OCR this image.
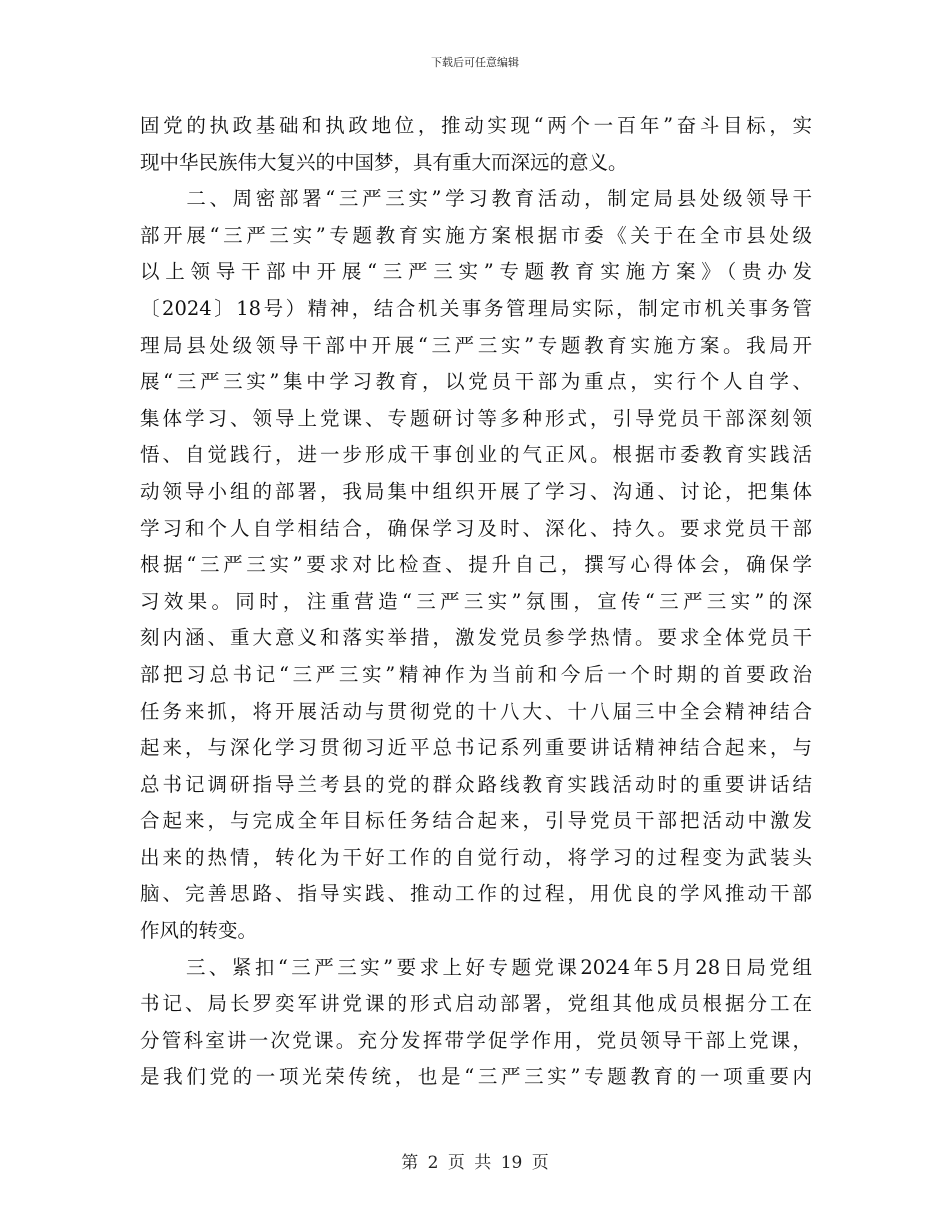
下载后可任意编辑
固党的执政基础和执政地位，推动实现“两个一百年”奋斗目标，实
现中华民族伟大复兴的中国梦，具有重大而深远的意义。
　　二、周密部署“三严三实”学习教育活动，制定局县处级领导干
部开展“三严三实”专题教育实施方案根据市委《关于在全市县处级
以上领导干部中开展“三严三实”专题教育实施方案》（贵办发
〔2024〕18号）精神，结合机关事务管理局实际，制定市机关事务管
理局县处级领导干部中开展“三严三实”专题教育实施方案。我局开
展“三严三实”集中学习教育，以党员干部为重点，实行个人自学、
集体学习、领导上党课、专题研讨等多种形式，引导党员干部深刻领
悟、自觉践行，进一步形成干事创业的气正风。根据市委教育实践活
动领导小组的部署，我局集中组织开展了学习、沟通、讨论，把集体
学习和个人自学相结合，确保学习及时、深化、持久。要求党员干部
根据“三严三实”要求对比检查、提升自己，撰写心得体会，确保学
习效果。同时，注重营造“三严三实”氛围，宣传“三严三实”的深
刻内涵、重大意义和落实举措，激发党员参学热情。要求全体党员干
部把习总书记“三严三实”精神作为当前和今后一个时期的首要政治
任务来抓，将开展活动与贯彻党的十八大、十八届三中全会精神结合
起来，与深化学习贯彻习近平总书记系列重要讲话精神结合起来，与
总书记调研指导兰考县的党的群众路线教育实践活动时的重要讲话结
合起来，与完成全年目标任务结合起来，引导党员干部把活动中激发
出来的热情，转化为干好工作的自觉行动，将学习的过程变为武装头
脑、完善思路、指导实践、推动工作的过程，用优良的学风推动干部
作风的转变。
　　三、紧扣“三严三实”要求上好专题党课2024年5月28日局党组
书记、局长罗奕军讲党课的形式启动部署，党组其他成员根据分工在
分管科室讲一次党课。充分发挥带学促学作用，党员领导干部上党课，
是我们党的一项光荣传统，也是“三严三实”专题教育的一项重要内
第 2 页 共 19 页
